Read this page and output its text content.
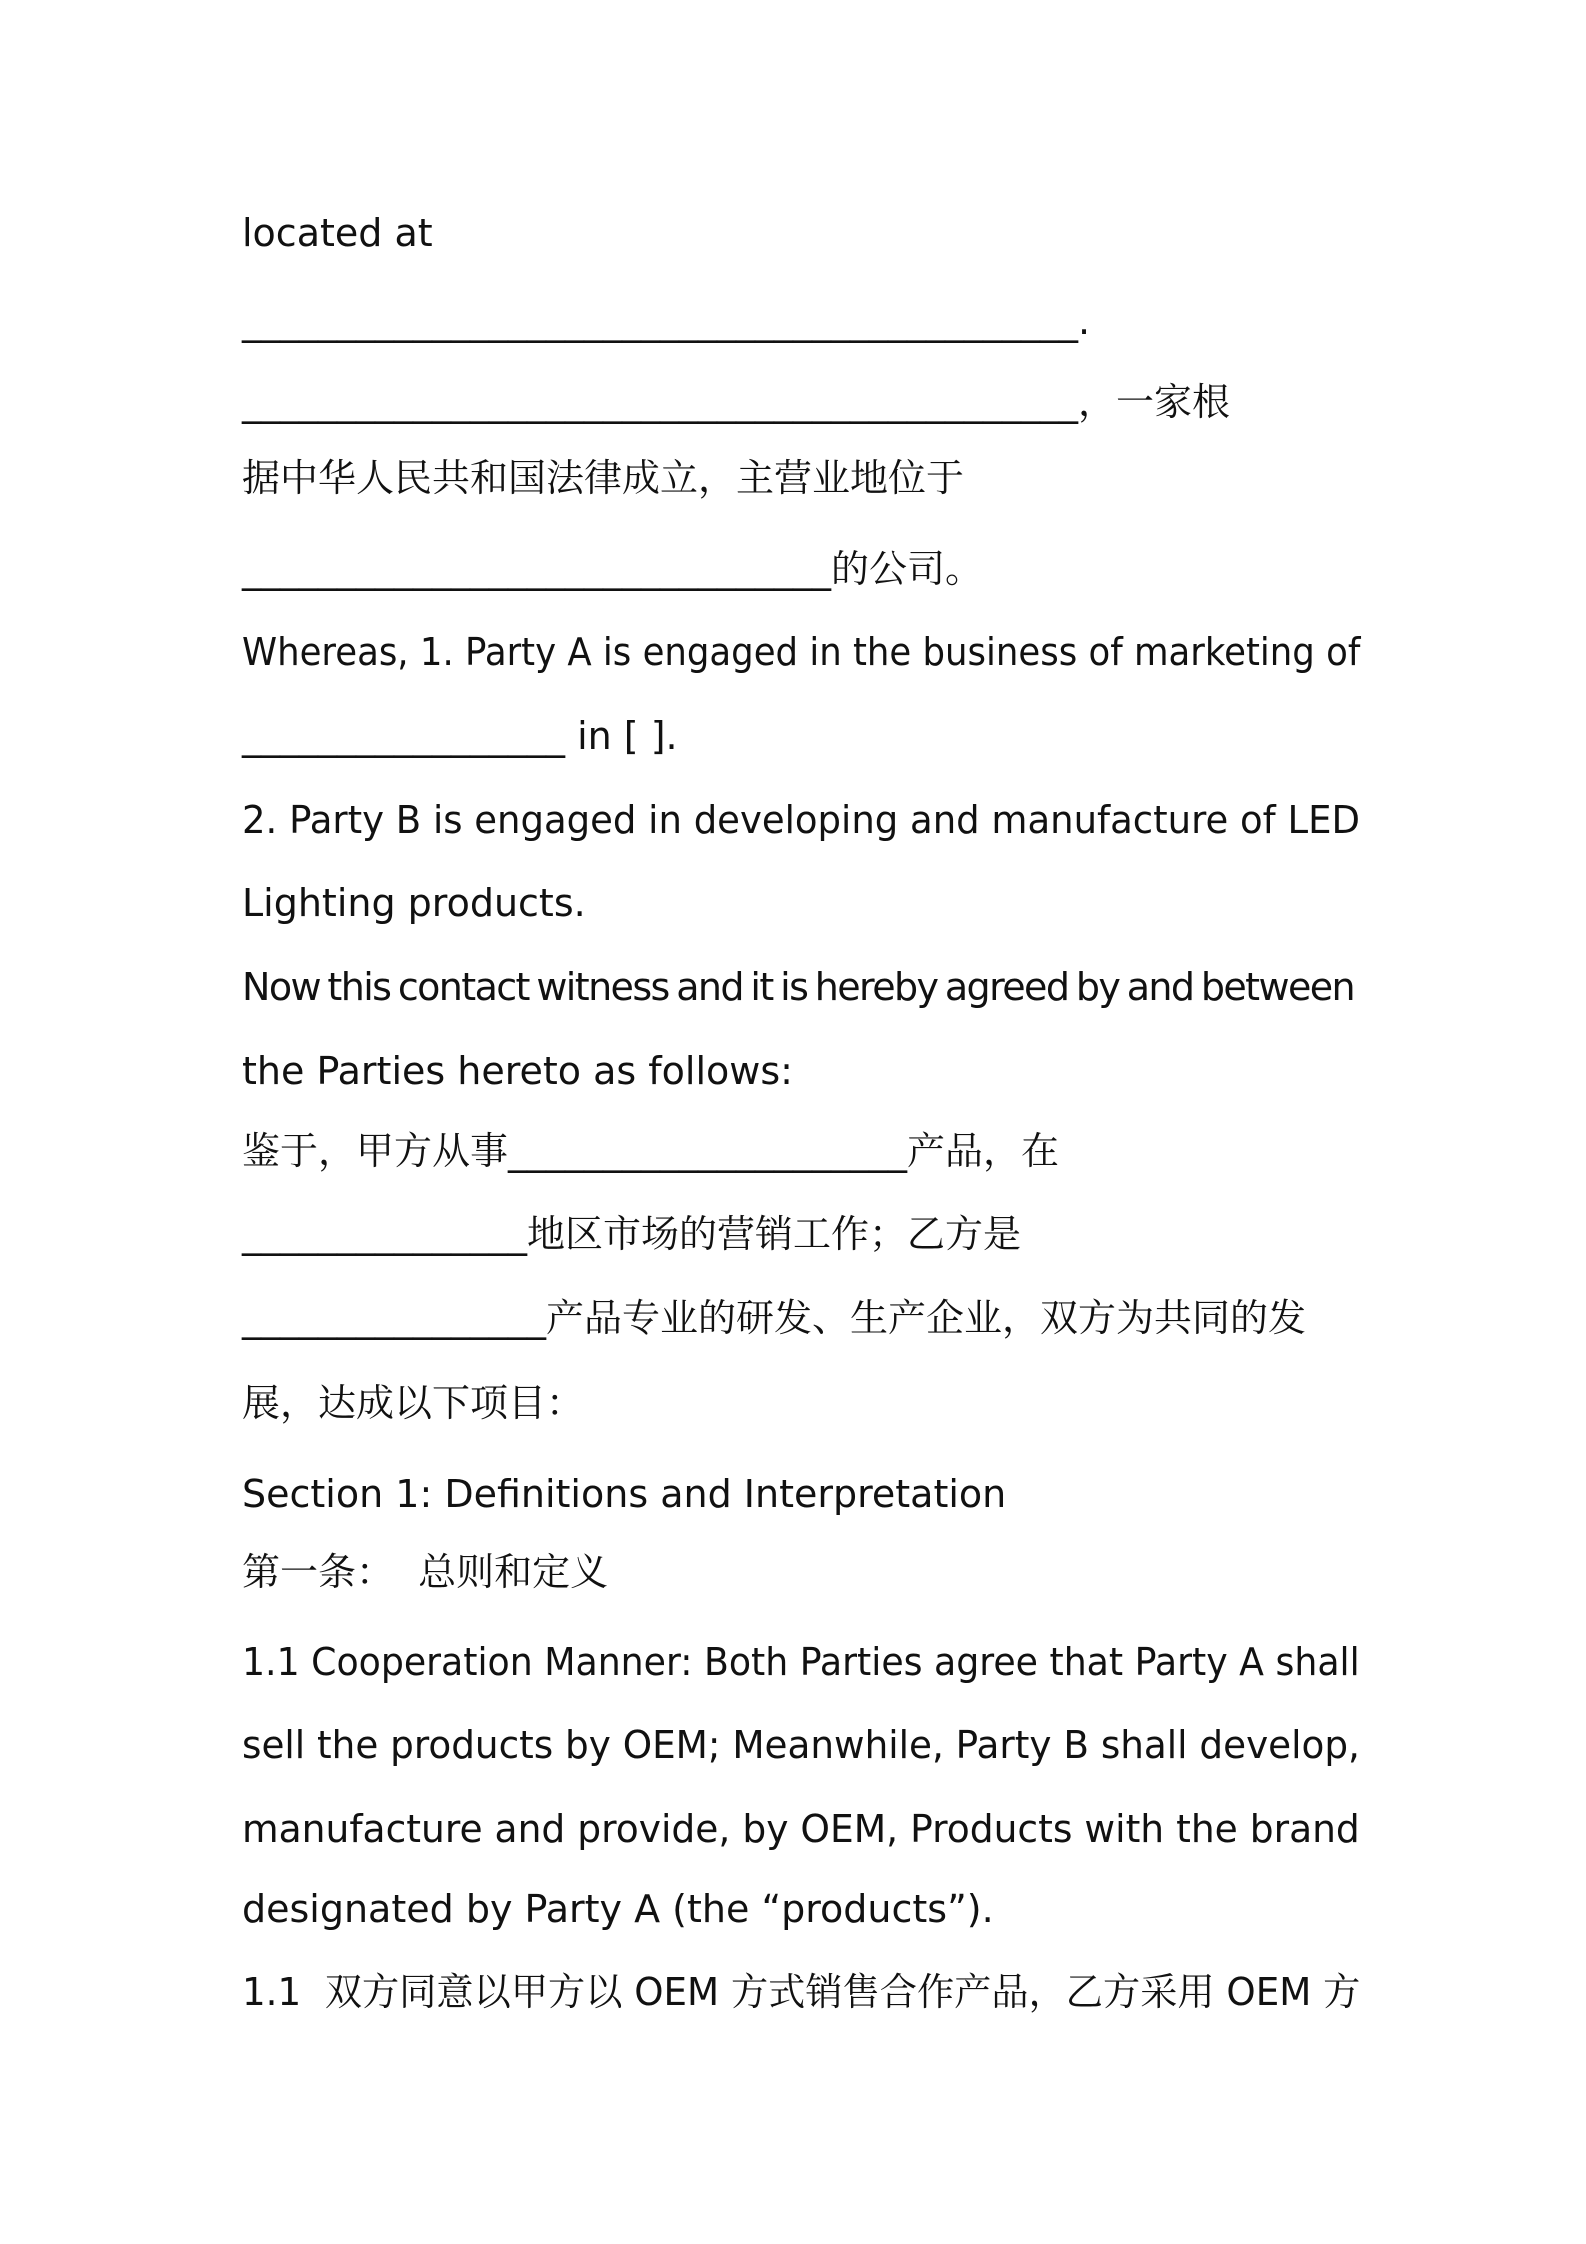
located at
____________________________________________.
____________________________________________，一家根
据中华人民共和国法律成立，主营业地位于
_______________________________的公司。
Whereas, 1. Party A is engaged in the business of marketing of
_________________ in [ ].
2. Party B is engaged in developing and manufacture of LED
Lighting products.
Now this contact witness and it is hereby agreed by and between
the Parties hereto as follows:
鉴于，甲方从事_____________________产品，在
_______________地区市场的营销工作；乙方是
________________产品专业的研发、生产企业，双方为共同的发
展，达成以下项目：
Section 1: Definitions and Interpretation
第一条：  总则和定义
1.1 Cooperation Manner: Both Parties agree that Party A shall
sell the products by OEM; Meanwhile, Party B shall develop,
manufacture and provide, by OEM, Products with the brand
designated by Party A (the “products”).
1.1  双方同意以甲方以 OEM 方式销售合作产品，乙方采用 OEM 方
